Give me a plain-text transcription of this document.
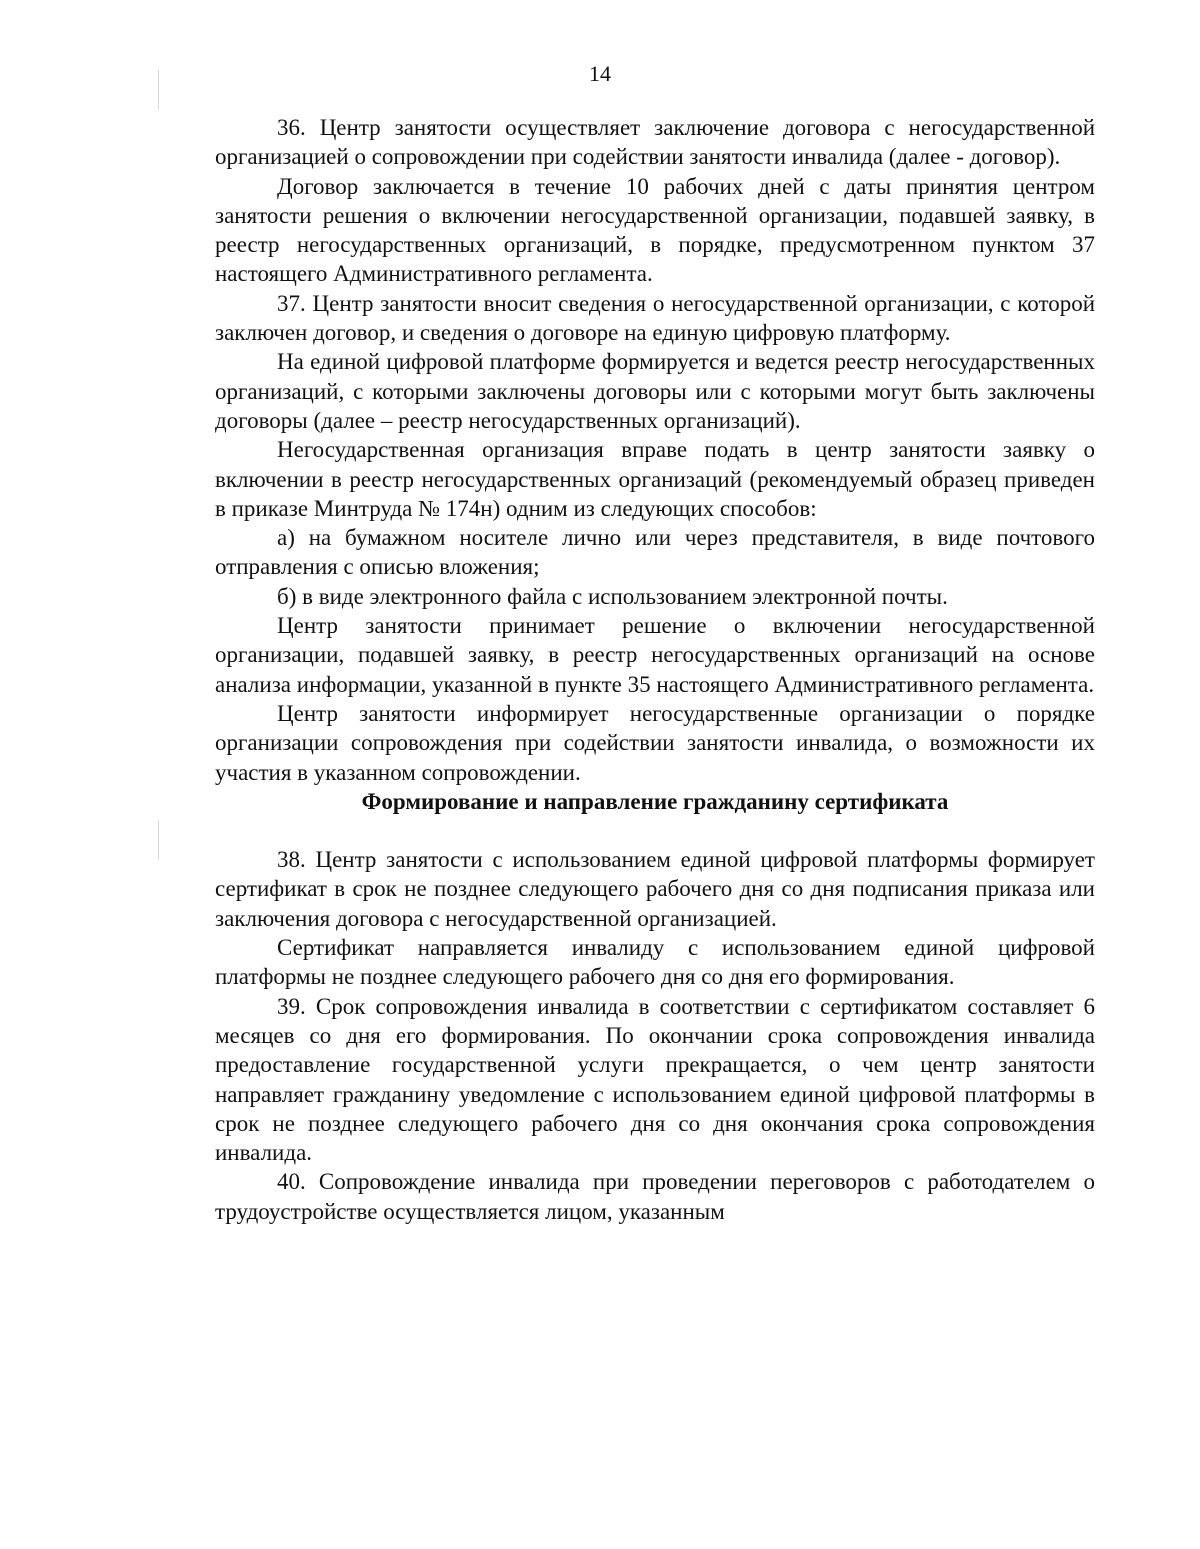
14

36. Центр занятости осуществляет заключение договора с негосударственной организацией о сопровождении при содействии занятости инвалида (далее - договор).

Договор заключается в течение 10 рабочих дней с даты принятия центром занятости решения о включении негосударственной организации, подавшей заявку, в реестр негосударственных организаций, в порядке, предусмотренном пунктом 37 настоящего Административного регламента.

37. Центр занятости вносит сведения о негосударственной организации, с которой заключен договор, и сведения о договоре на единую цифровую платформу.

На единой цифровой платформе формируется и ведется реестр негосударственных организаций, с которыми заключены договоры или с которыми могут быть заключены договоры (далее – реестр негосударственных организаций).

Негосударственная организация вправе подать в центр занятости заявку о включении в реестр негосударственных организаций (рекомендуемый образец приведен в приказе Минтруда № 174н) одним из следующих способов:

а) на бумажном носителе лично или через представителя, в виде почтового отправления с описью вложения;

б) в виде электронного файла с использованием электронной почты.

Центр занятости принимает решение о включении негосударственной организации, подавшей заявку, в реестр негосударственных организаций на основе анализа информации, указанной в пункте 35 настоящего Административного регламента.

Центр занятости информирует негосударственные организации о порядке организации сопровождения при содействии занятости инвалида, о возможности их участия в указанном сопровождении.

Формирование и направление гражданину сертификата

38. Центр занятости с использованием единой цифровой платформы формирует сертификат в срок не позднее следующего рабочего дня со дня подписания приказа или заключения договора с негосударственной организацией.

Сертификат направляется инвалиду с использованием единой цифровой платформы не позднее следующего рабочего дня со дня его формирования.

39. Срок сопровождения инвалида в соответствии с сертификатом составляет 6 месяцев со дня его формирования. По окончании срока сопровождения инвалида предоставление государственной услуги прекращается, о чем центр занятости направляет гражданину уведомление с использованием единой цифровой платформы в срок не позднее следующего рабочего дня со дня окончания срока сопровождения инвалида.

40. Сопровождение инвалида при проведении переговоров с работодателем о трудоустройстве осуществляется лицом, указанным
